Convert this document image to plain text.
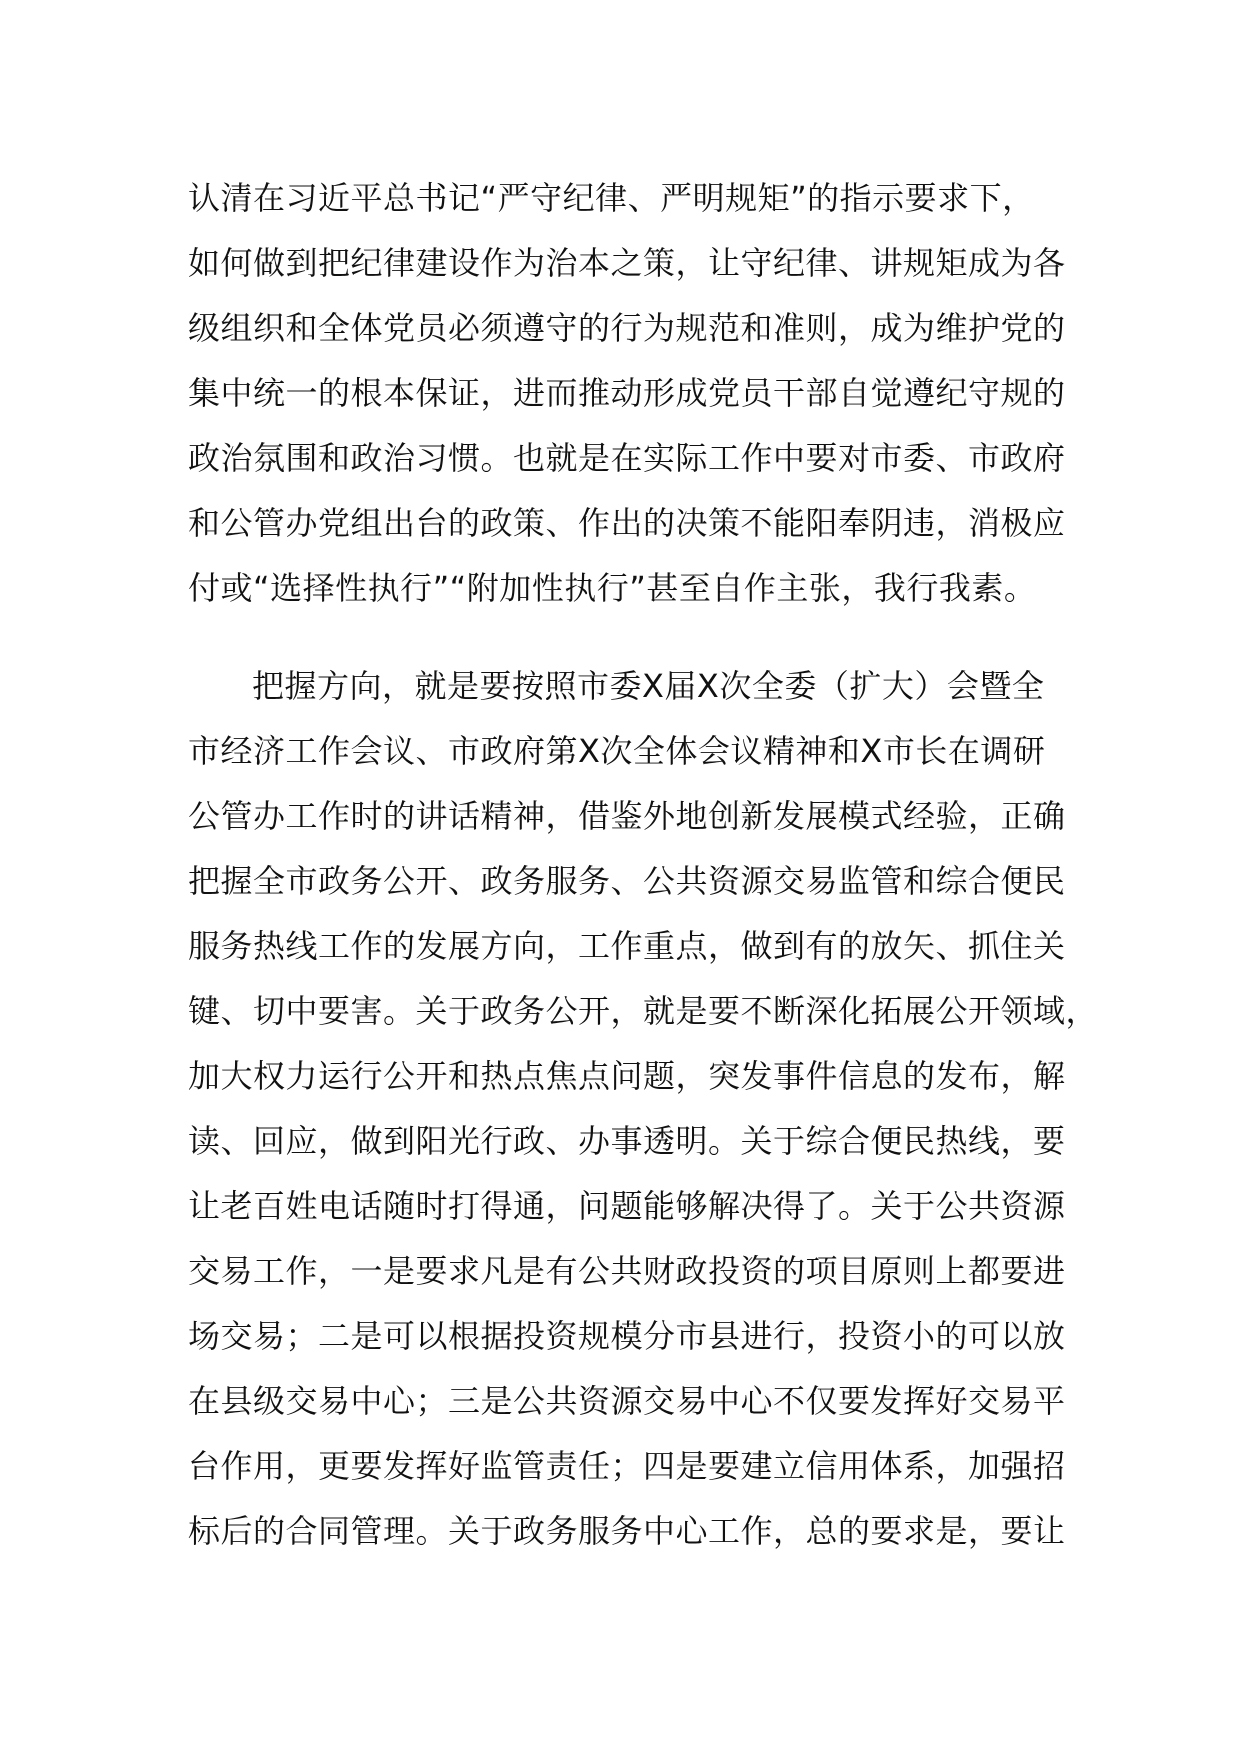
认清在习近平总书记“严守纪律、严明规矩”的指示要求下，
如何做到把纪律建设作为治本之策，让守纪律、讲规矩成为各
级组织和全体党员必须遵守的行为规范和准则，成为维护党的
集中统一的根本保证，进而推动形成党员干部自觉遵纪守规的
政治氛围和政治习惯。也就是在实际工作中要对市委、市政府
和公管办党组出台的政策、作出的决策不能阳奉阴违，消极应
付或“选择性执行”“附加性执行”甚至自作主张，我行我素。
把握方向，就是要按照市委X届X次全委（扩大）会暨全
市经济工作会议、市政府第X次全体会议精神和X市长在调研
公管办工作时的讲话精神，借鉴外地创新发展模式经验，正确
把握全市政务公开、政务服务、公共资源交易监管和综合便民
服务热线工作的发展方向，工作重点，做到有的放矢、抓住关
键、切中要害。关于政务公开，就是要不断深化拓展公开领域，
加大权力运行公开和热点焦点问题，突发事件信息的发布，解
读、回应，做到阳光行政、办事透明。关于综合便民热线，要
让老百姓电话随时打得通，问题能够解决得了。关于公共资源
交易工作，一是要求凡是有公共财政投资的项目原则上都要进
场交易；二是可以根据投资规模分市县进行，投资小的可以放
在县级交易中心；三是公共资源交易中心不仅要发挥好交易平
台作用，更要发挥好监管责任；四是要建立信用体系，加强招
标后的合同管理。关于政务服务中心工作，总的要求是，要让
